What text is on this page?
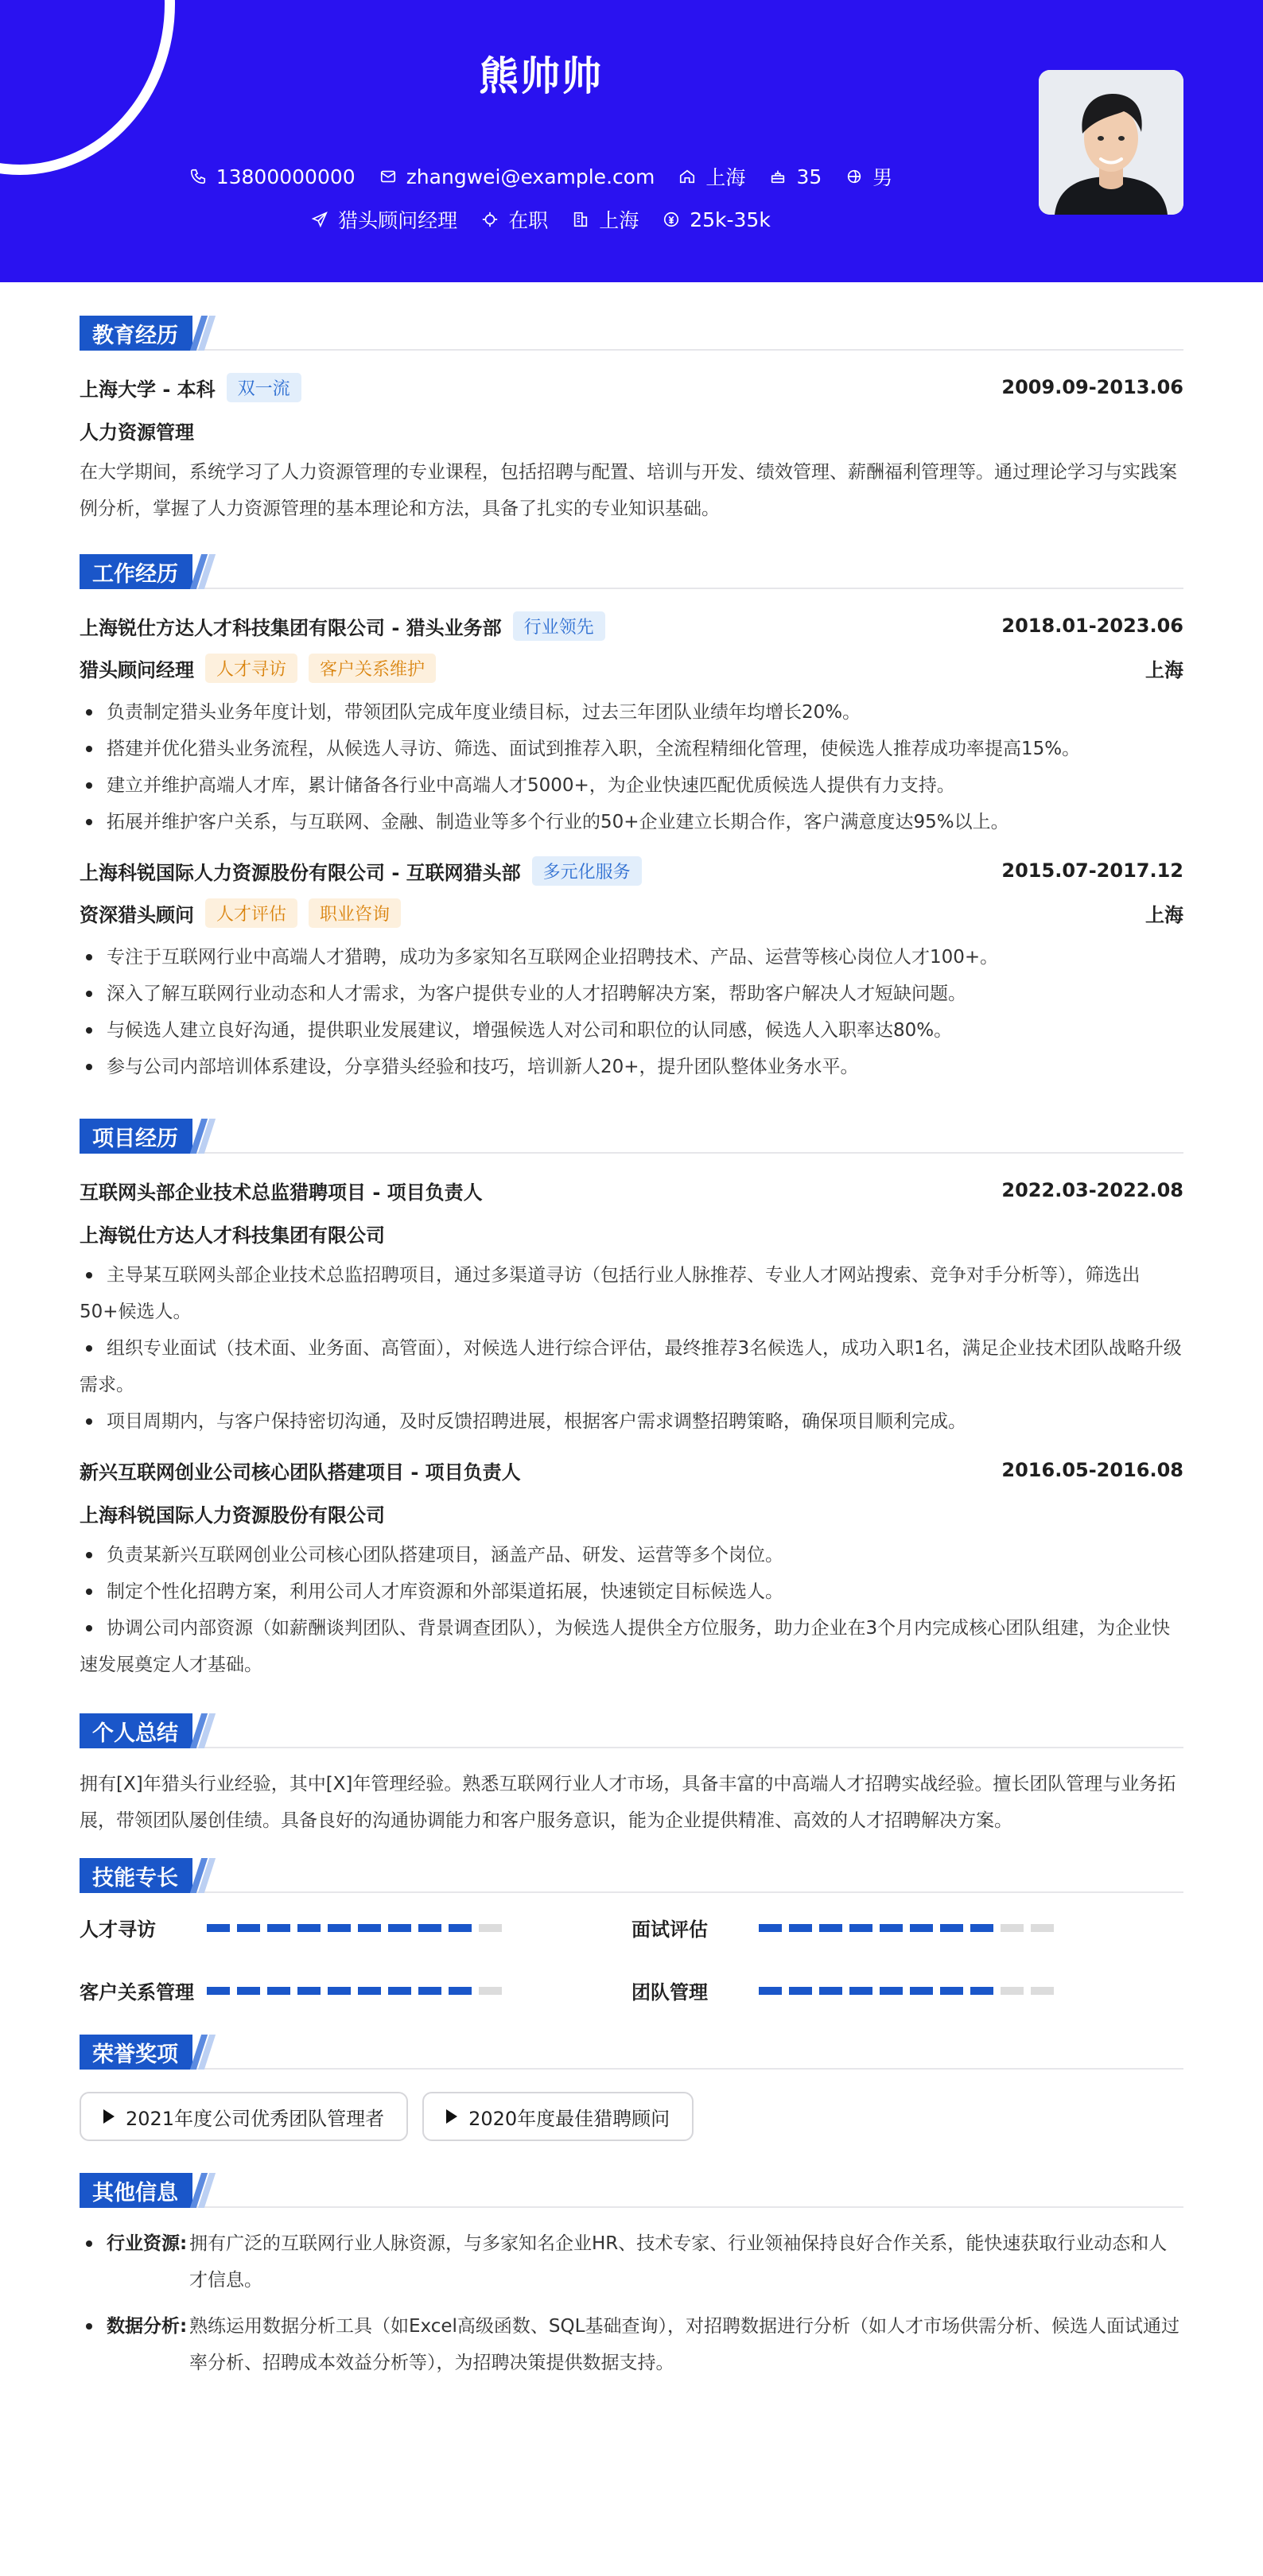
熊帅帅
13800000000	zhangwei@example.com	上海	35	男
猎头顾问经理	在职	上海	25k-35k
教育经历
上海大学 - 本科	双一流	2009.09-2013.06
人力资源管理
在大学期间，系统学习了人力资源管理的专业课程，包括招聘与配置、培训与开发、绩效管理、薪酬福利管理等。通过理论学习与实践案例分析，掌握了人力资源管理的基本理论和方法，具备了扎实的专业知识基础。
工作经历
上海锐仕方达人才科技集团有限公司 - 猎头业务部	行业领先	2018.01-2023.06
猎头顾问经理	人才寻访	客户关系维护	上海
负责制定猎头业务年度计划，带领团队完成年度业绩目标，过去三年团队业绩年均增长20%。
搭建并优化猎头业务流程，从候选人寻访、筛选、面试到推荐入职，全流程精细化管理，使候选人推荐成功率提高15%。
建立并维护高端人才库，累计储备各行业中高端人才5000+，为企业快速匹配优质候选人提供有力支持。
拓展并维护客户关系，与互联网、金融、制造业等多个行业的50+企业建立长期合作，客户满意度达95%以上。
上海科锐国际人力资源股份有限公司 - 互联网猎头部	多元化服务	2015.07-2017.12
资深猎头顾问	人才评估	职业咨询	上海
专注于互联网行业中高端人才猎聘，成功为多家知名互联网企业招聘技术、产品、运营等核心岗位人才100+。
深入了解互联网行业动态和人才需求，为客户提供专业的人才招聘解决方案，帮助客户解决人才短缺问题。
与候选人建立良好沟通，提供职业发展建议，增强候选人对公司和职位的认同感，候选人入职率达80%。
参与公司内部培训体系建设，分享猎头经验和技巧，培训新人20+，提升团队整体业务水平。
项目经历
互联网头部企业技术总监猎聘项目 - 项目负责人	2022.03-2022.08
上海锐仕方达人才科技集团有限公司
主导某互联网头部企业技术总监招聘项目，通过多渠道寻访（包括行业人脉推荐、专业人才网站搜索、竞争对手分析等），筛选出50+候选人。
组织专业面试（技术面、业务面、高管面），对候选人进行综合评估，最终推荐3名候选人，成功入职1名，满足企业技术团队战略升级需求。
项目周期内，与客户保持密切沟通，及时反馈招聘进展，根据客户需求调整招聘策略，确保项目顺利完成。
新兴互联网创业公司核心团队搭建项目 - 项目负责人	2016.05-2016.08
上海科锐国际人力资源股份有限公司
负责某新兴互联网创业公司核心团队搭建项目，涵盖产品、研发、运营等多个岗位。
制定个性化招聘方案，利用公司人才库资源和外部渠道拓展，快速锁定目标候选人。
协调公司内部资源（如薪酬谈判团队、背景调查团队），为候选人提供全方位服务，助力企业在3个月内完成核心团队组建，为企业快速发展奠定人才基础。
个人总结
拥有[X]年猎头行业经验，其中[X]年管理经验。熟悉互联网行业人才市场，具备丰富的中高端人才招聘实战经验。擅长团队管理与业务拓展，带领团队屡创佳绩。具备良好的沟通协调能力和客户服务意识，能为企业提供精准、高效的人才招聘解决方案。
技能专长
人才寻访	面试评估
客户关系管理	团队管理
荣誉奖项
2021年度公司优秀团队管理者	2020年度最佳猎聘顾问
其他信息
行业资源: 拥有广泛的互联网行业人脉资源，与多家知名企业HR、技术专家、行业领袖保持良好合作关系，能快速获取行业动态和人才信息。
数据分析: 熟练运用数据分析工具（如Excel高级函数、SQL基础查询），对招聘数据进行分析（如人才市场供需分析、候选人面试通过率分析、招聘成本效益分析等），为招聘决策提供数据支持。
